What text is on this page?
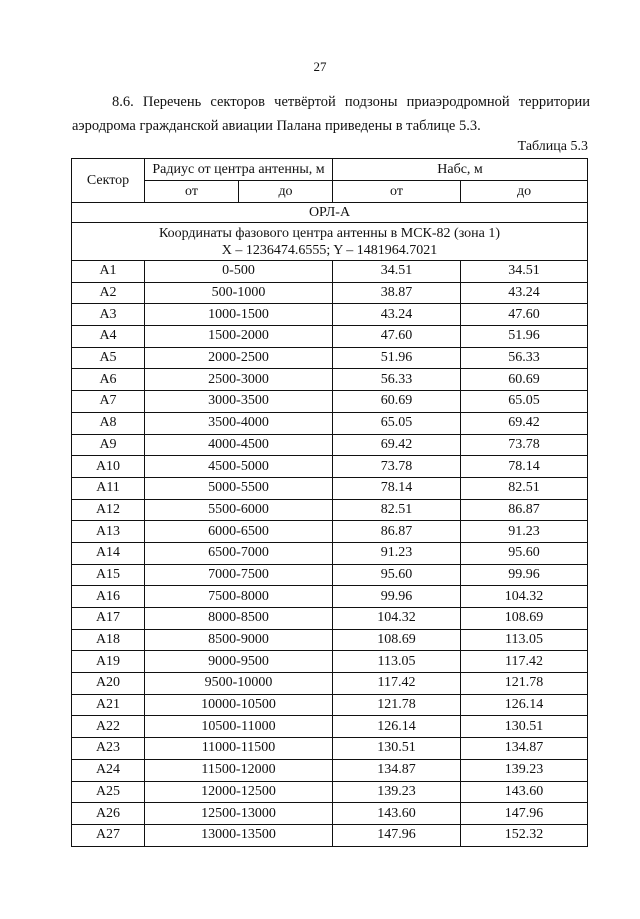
27
8.6. Перечень секторов четвёртой подзоны приаэродромной территории
аэродрома гражданской авиации Палана приведены в таблице 5.3.
Таблица 5.3
Сектор	Радиус от центра антенны, м		Набс, м	
	от	до	от	до
ОРЛ-А				

Координаты фазового центра антенны в МСК-82 (зона 1)
X – 1236474.6555; Y – 1481964.7021				

А1	0-500		34.51	34.51
А2	500-1000		38.87	43.24
А3	1000-1500		43.24	47.60
А4	1500-2000		47.60	51.96
А5	2000-2500		51.96	56.33
А6	2500-3000		56.33	60.69
А7	3000-3500		60.69	65.05
А8	3500-4000		65.05	69.42
А9	4000-4500		69.42	73.78
А10	4500-5000		73.78	78.14
А11	5000-5500		78.14	82.51
А12	5500-6000		82.51	86.87
А13	6000-6500		86.87	91.23
А14	6500-7000		91.23	95.60
А15	7000-7500		95.60	99.96
А16	7500-8000		99.96	104.32
А17	8000-8500		104.32	108.69
А18	8500-9000		108.69	113.05
А19	9000-9500		113.05	117.42
А20	9500-10000		117.42	121.78
А21	10000-10500		121.78	126.14
А22	10500-11000		126.14	130.51
А23	11000-11500		130.51	134.87
А24	11500-12000		134.87	139.23
А25	12000-12500		139.23	143.60
А26	12500-13000		143.60	147.96
А27	13000-13500		147.96	152.32
